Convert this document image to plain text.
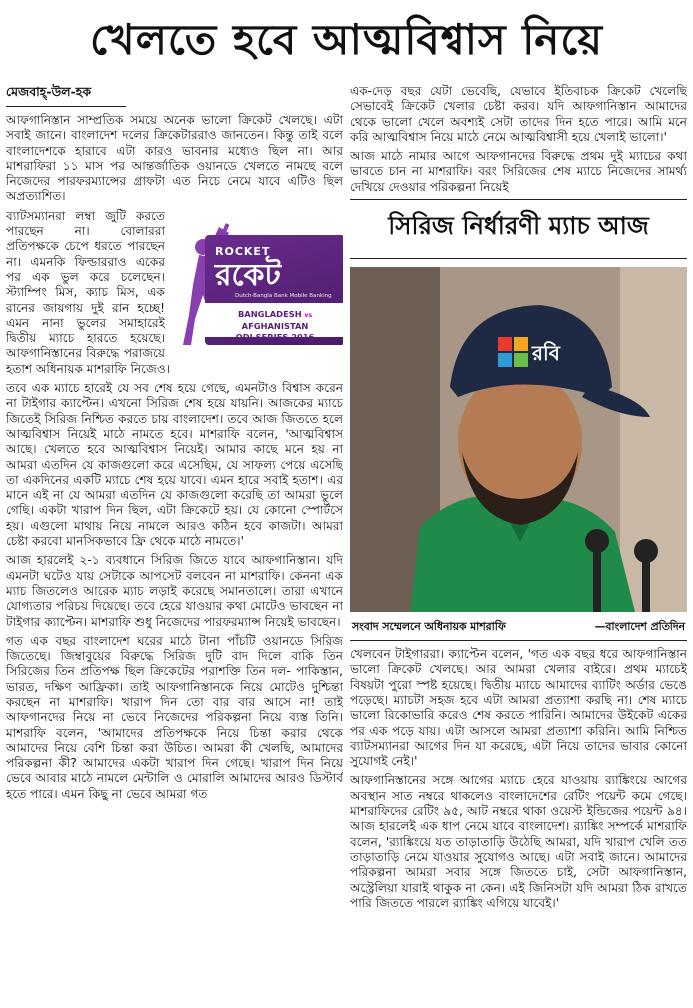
খেলতে হবে আত্মবিশ্বাস নিয়ে
মেজবাহ্-উল-হক

আফগানিস্তান সাম্প্রতিক সময়ে অনেক ভালো ক্রিকেট খেলছে। এটা সবাই জানে। বাংলাদেশ দলের ক্রিকেটাররাও জানতেন। কিন্তু তাই বলে বাংলাদেশকে হারাবে এটা কারও ভাবনার মধ্যেও ছিল না। আর মাশরাফিরা ১১ মাস পর আন্তর্জাতিক ওয়ানডে খেলতে নামছে বলে নিজেদের পারফরম্যান্সের গ্রাফটা এত নিচে নেমে যাবে এটিও ছিল অপ্রত্যাশিত।

ROCKET
রকেট
Dutch-Bangla Bank Mobile Banking
BANGLADESH vs AFGHANISTAN
ODI SERIES 2016

ব্যাটসম্যানরা লম্বা জুটি করতে পারছেন না। বোলাররা প্রতিপক্ষকে চেপে ধরতে পারছেন না। এমনকি ফিল্ডাররাও একের পর এক ভুল করে চলেছেন। স্ট্যাম্পিং মিস, ক্যাচ মিস, এক রানের জায়গায় দুই রান হচ্ছে! এমন নানা ভুলের সমাহারেই দ্বিতীয় ম্যাচে হারতে হয়েছে। আফগানিস্তানের বিরুদ্ধে পরাজয়ে হতাশ অধিনায়ক মাশরাফি নিজেও।

তবে এক ম্যাচে হারেই যে সব শেষ হয়ে গেছে, এমনটাও বিশ্বাস করেন না টাইগার ক্যাপ্টেন। এখনো সিরিজ শেষ হয়ে যায়নি। আজকের ম্যাচে জিতেই সিরিজ নিশ্চিত করতে চায় বাংলাদেশ। তবে আজ জিততে হলে আত্মবিশ্বাস নিয়েই মাঠে নামতে হবে। মাশরাফি বলেন, 'আত্মবিশ্বাস আছে। খেলতে হবে আত্মবিশ্বাস নিয়েই। আমার কাছে মনে হয় না আমরা এতদিন যে কাজগুলো করে এসেছিম, যে সাফল্য পেয়ে এসেছি তা একদিনের একটি ম্যাচে শেষ হয়ে যাবে। এমন হারে সবাই হতাশ। এর মানে এই না যে আমরা এতদিন যে কাজগুলো করেছি তা আমরা ভুলে গেছি। একটা খারাপ দিন ছিল, এটা ক্রিকেটে হয়। যে কোনো স্পোর্টসে হয়। এগুলো মাথায় নিয়ে নামলে আরও কঠিন হবে কাজটা। আমরা চেষ্টা করবো মানসিকভাবে ফ্রি থেকে মাঠে নামতে।'

আজ হারলেই ২-১ ব্যবধানে সিরিজ জিতে যাবে আফগানিস্তান। যদি এমনটা ঘটেও যায় সেটাকে আপসেট বলবেন না মাশরাফি। কেননা এক ম্যাচ জিতলেও আরেক ম্যাচ লড়াই করেছে সমানতালে। তারা এখানে যোগ্যতার পরিচয় দিয়েছে। তবে হেরে যাওয়ার কথা মোটেও ভাবছেন না টাইগার ক্যাপ্টেন। মাশরাফি শুধু নিজেদের পারফরম্যান্স নিয়েই ভাবছেন।

গত এক বছর বাংলাদেশ ঘরের মাঠে টানা পাঁচটি ওয়ানডে সিরিজ জিতেছে। জিম্বাবুয়ের বিরুদ্ধে সিরিজ দুটি বাদ দিলে বাকি তিন সিরিজের তিন প্রতিপক্ষ ছিল ক্রিকেটের পরাশক্তি তিন দল- পাকিস্তান, ভারত, দক্ষিণ আফ্রিকা। তাই আফগানিস্তানকে নিয়ে মোটেও দুশ্চিন্তা করছেন না মাশরাফি। খারাপ দিন তো বার বার আসে না! তাই আফগানদের নিয়ে না ভেবে নিজেদের পরিকল্পনা নিয়ে ব্যস্ত তিনি। মাশরাফি বলেন, 'আমাদের প্রতিপক্ষকে নিয়ে চিন্তা করার থেকে আমাদের নিয়ে বেশি চিন্তা করা উচিত। আমরা কী খেলছি, আমাদের পরিকল্পনা কী? আমাদের একটা খারাপ দিন গেছে। খারাপ দিন নিয়ে ভেবে আবার মাঠে নামলে মেন্টালি ও মোরালি আমাদের আরও ডিস্টার্ব হতে পারে। এমন কিছু না ভেবে আমরা গত

এক-দেড় বছর যেটা ভেবেছি, যেভাবে ইতিবাচক ক্রিকেট খেলেছি সেভাবেই ক্রিকেট খেলার চেষ্টা করব। যদি আফগানিস্তান আমাদের থেকে ভালো খেলে অবশ্যই সেটা তাদের দিন হতে পারে। আমি মনে করি আত্মবিশ্বাস নিয়ে মাঠে নেমে আত্মবিশ্বাসী হয়ে খেলাই ভালো।'

আজ মাঠে নামার আগে আফগানদের বিরুদ্ধে প্রথম দুই ম্যাচের কথা ভাবতে চান না মাশরাফি। বরং সিরিজের শেষ ম্যাচে নিজেদের সামর্থ্য দেখিয়ে দেওয়ার পরিকল্পনা নিয়েই

সিরিজ নির্ধারণী ম্যাচ আজ
রবি
সংবাদ সম্মেলনে অধিনায়ক মাশরাফি	—বাংলাদেশ প্রতিদিন

খেলবেন টাইগাররা। ক্যাপ্টেন বলেন, 'গত এক বছর ধরে আফগানিস্তান ভালো ক্রিকেট খেলছে। আর আমরা খেলার বাইরে। প্রথম ম্যাচেই বিষয়টা পুরো স্পষ্ট হয়েছে। দ্বিতীয় ম্যাচে আমাদের ব্যাটিং অর্ডার ভেঙে পড়েছে। ম্যাচটা সহজ হবে এটা আমরা প্রত্যাশা করছি না। শেষ ম্যাচে ভালো রিকোভারি করেও শেষ করতে পারিনি। আমাদের উইকেট একের পর এক পড়ে যায়। এটা আসলে আমরা প্রত্যাশা করিনি। আমি নিশ্চিত ব্যাটসম্যানরা আগের দিন যা করেছে, এটা নিয়ে তাদের ভাবার কোনো সুযোগই নেই।'

আফগানিস্তানের সঙ্গে আগের ম্যাচে হেরে যাওয়ায় র‍্যাঙ্কিংয়ে আগের অবস্থান সাত নম্বরে থাকলেও বাংলাদেশের রেটিং পয়েন্ট কমে গেছে। মাশরাফিদের রেটিং ৯৫, আট নম্বরে থাকা ওয়েস্ট ইন্ডিজের পয়েন্ট ৯৪। আজ হারলেই এক ধাপ নেমে যাবে বাংলাদেশ। র‍্যাঙ্কিং সম্পর্কে মাশরাফি বলেন, 'র‍্যাঙ্কিংয়ে যত তাড়াতাড়ি উঠেছি আমরা, যদি খারাপ খেলি তত তাড়াতাড়ি নেমে যাওয়ার সুযোগও আছে। এটা সবাই জানে। আমাদের পরিকল্পনা আমরা সবার সঙ্গে জিততে চাই, সেটা আফগানিস্তান, অস্ট্রেলিয়া যারাই থাকুক না কেন। এই জিনিসটা যদি আমরা ঠিক রাখতে পারি জিততে পারলে র‍্যাঙ্কিং এগিয়ে যাবেই।'
